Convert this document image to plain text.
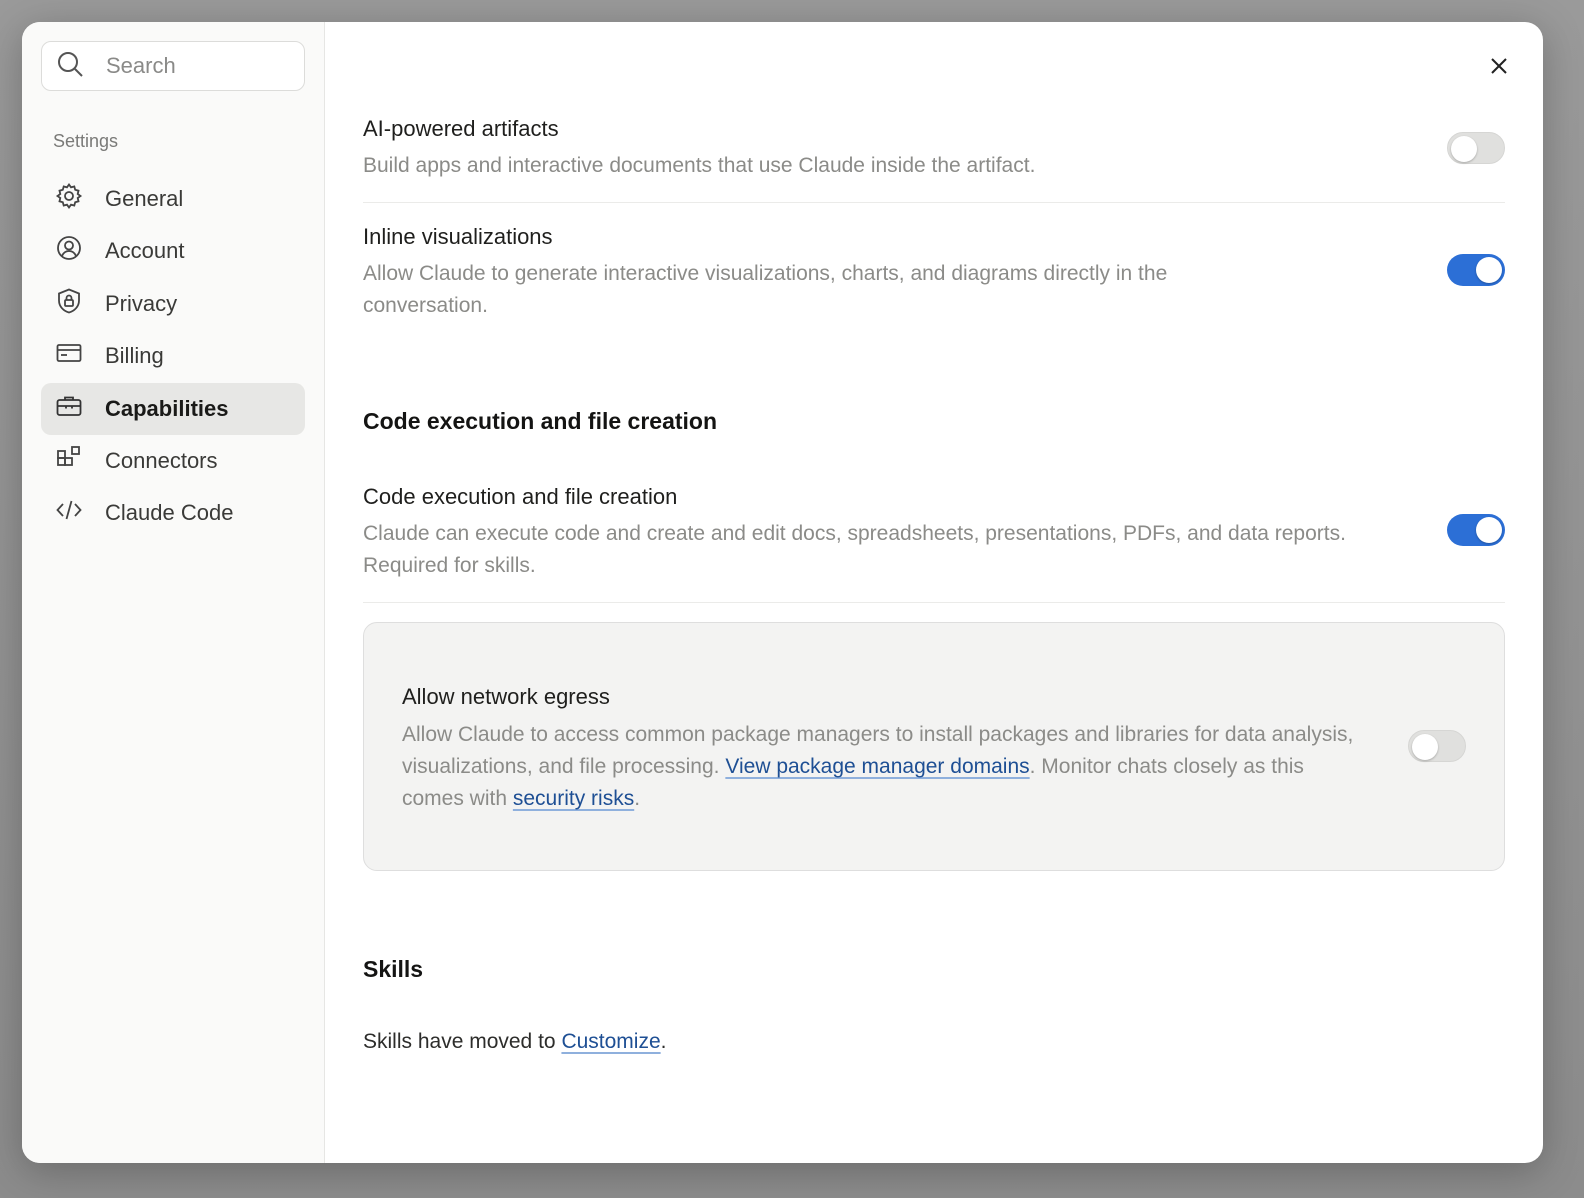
Search
Settings
General
Account
Privacy
Billing
Capabilities
Connectors
Claude Code
AI-powered artifacts
Build apps and interactive documents that use Claude inside the artifact.
Inline visualizations
Allow Claude to generate interactive visualizations, charts, and diagrams directly in the conversation.
Code execution and file creation
Code execution and file creation
Claude can execute code and create and edit docs, spreadsheets, presentations, PDFs, and data reports. Required for skills.
Allow network egress
Allow Claude to access common package managers to install packages and libraries for data analysis, visualizations, and file processing. View package manager domains. Monitor chats closely as this comes with security risks.
Skills
Skills have moved to Customize.
